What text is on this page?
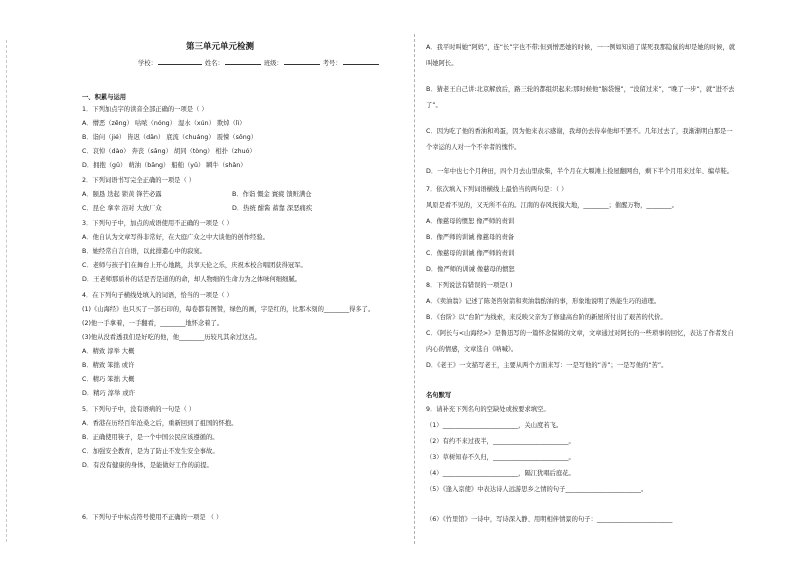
第三单元单元检测
学校：	姓名：	班级：	考号：
一、积累与运用
1．下列加点字的读音全部正确的一项是（ ）
A．懵恶（zēng） 咕哝（nóng） 湿水（xún） 欺焯（lì）
B．诣问（jié） 皆迟（dān） 底流（chuáng） 震悚（sǒng）
C．哀悼（dào） 奔丧（sāng） 胡同（tòng） 相扑（zhuó）
D．拥抱（gū） 萌油（bāng） 船舶（yǔ） 瞬牛（shǎn）
2．下列词语书写完全正确的一项是（ ）
A．颐恳 迭起 锁黄 锋芒必露	B．作诣 慨金 寰疲 馈赃满仓
C．昆仑 拿幸 浴对 大放厂众	D．热统 酣酱 蓄靠 深恶痛疾
3．下列句子中，加点的成语使用不正确的一项是（ ）
A．他自认为文章写得非常好，在大庭广众之中大谈他的创作经验。
B．她经常自言自语，以此排遣心中的寂寞。
C．老师与孩子们在舞台上开心地跳，共享天伦之乐，庆祝本校合唱团获得冠军。
D．王老师那质朴的话是否是道的的命，却人物细的生命力为之体味何细细腻。
4．在下列句子横线处填入的词语，恰当的一项是（ ）
(1)《山海经》也只买了一部石印的，每卷都有图赞，绿色的画，字是红的，比那木刻的________得多了。
(2)他一手拿着，一手翻看，________地怀念着了。
(3)他从没看透我们是好吃的他，他________历较凡其余过这点。
A．精致 淳举 大概
B．精致 笨拙 或许
C．精巧 笨拙 大概
D．精巧 淳举 或许
5．下列句子中，没有语病的一句是（ ）
A．香港在历经百年沧桑之后，重新回到了祖国的怀抱。
B．正确使用筷子，是一个中国公民应该遵循的。
C．加强安全教育，是为了防止不发生安全事故。
D．有没有健康的身体，是能做好工作的前提。
6．下列句子中标点符号使用不正确的一项是 （ ）
A．我平时叫她“阿妈”，连“长”字也不带;但到憎恶她的时候，一一例如知道了谋死我那隐鼠的却是她的时候，就
叫她阿长。
B．猜老王自己讲:北京解放后，路三轮的都组织起来;那时候他“脑袋慢”，“没留过来”，“晚了一步”，就“进不去
了”。
C．因为吃了他的香油和鸡蛋，因为他来表示感谢，我却仍去侍奉他却不罢不。几年过去了，我渐渐明白那是一
个幸运的人对一个不幸者的愧怍。
D．一年中也七个月种田，四个月去山里砍柴，半个月在大堰滩上捡屋翻网台，剩下半个月用来过年、编草鞋。
7．依次填入下列词语横线上最恰当的两句是：（ ）
风原是看不见的，又无所不在的。江南的春风抚摸大地，________；催醒万物，________。
A．像慈母的惯恕 像严师的责训
B．像严师的训诫 像慈母的责备
C．像慈母的训诫 像严师的责训
D．像严师的训诫 像慈母的惯恕
8．下列说法有错误的一项是( )
A．《卖油翁》记述了陈尧咨射箭和卖油翁酌油的事，形象地说明了熟能生巧的道理。
B．《台阶》以“台阶”为线索，来反映父亲为了修建高台阶的新屋所付出了艰苦的代价。
C．《阿长与<山海经>》是鲁迅写的一篇怀念保姆的文章，文章通过对阿长的一些琐事的回忆，表达了作者发自
内心的情感，文章选自《呐喊》。
D．《老王》一文描写老王，主要从两个方面来写：一是写他的“善”；一是写他的“苦”。
名句默写
9．请补充下列名句的空缺处或按要求填空。
（1）________________________，关山度若飞。
（2）有约不来过夜半，________________________。
（3）草树知春不久归，________________________。
（4）________________________，隔江犹唱后庭花。
（5）《逢入京使》中表达诗人远游思乡之情的句子________________________。
（6）《竹里馆》一诗中，写诗深入静、用明相伴情景的句子：________________________
